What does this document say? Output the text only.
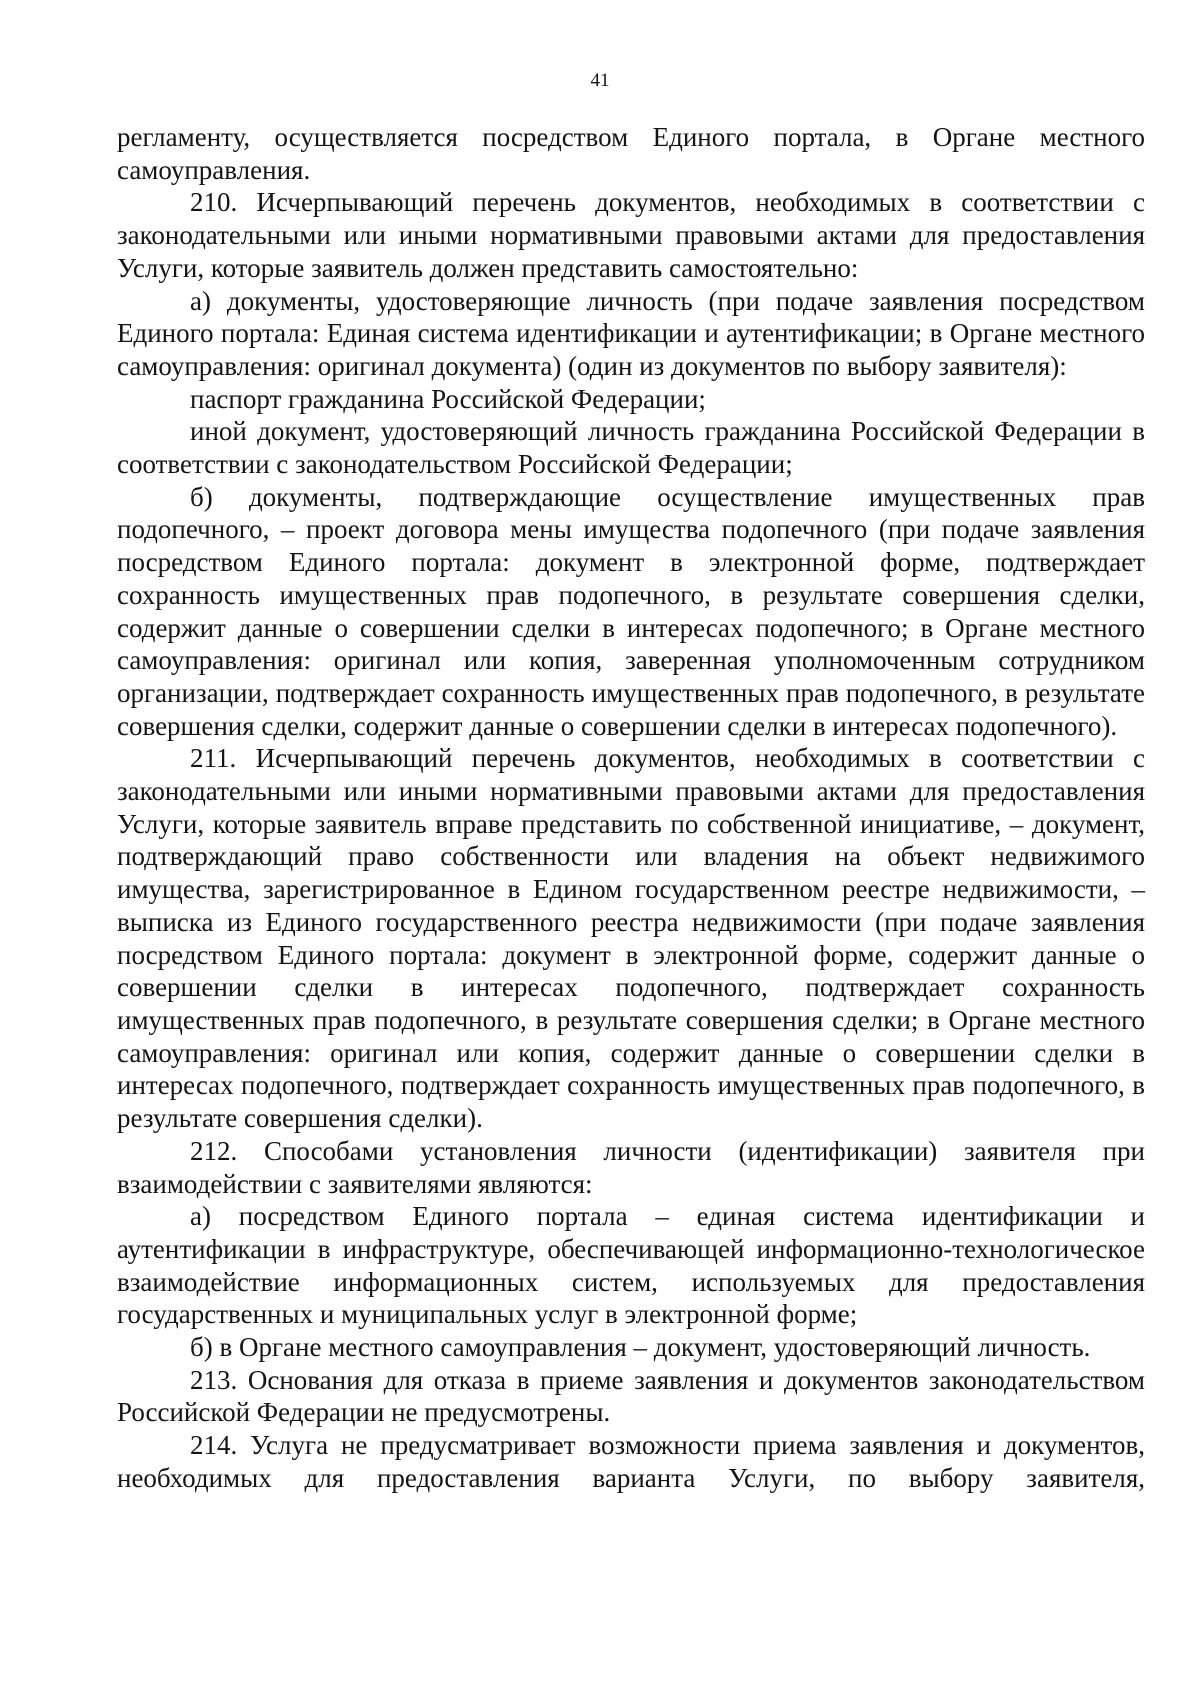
41

регламенту, осуществляется посредством Единого портала, в Органе местного самоуправления.

210. Исчерпывающий перечень документов, необходимых в соответствии с законодательными или иными нормативными правовыми актами для предоставления Услуги, которые заявитель должен представить самостоятельно:

а) документы, удостоверяющие личность (при подаче заявления посредством Единого портала: Единая система идентификации и аутентификации; в Органе местного самоуправления: оригинал документа) (один из документов по выбору заявителя):

паспорт гражданина Российской Федерации;

иной документ, удостоверяющий личность гражданина Российской Федерации в соответствии с законодательством Российской Федерации;

б) документы, подтверждающие осуществление имущественных прав подопечного, – проект договора мены имущества подопечного (при подаче заявления посредством Единого портала: документ в электронной форме, подтверждает сохранность имущественных прав подопечного, в результате совершения сделки, содержит данные о совершении сделки в интересах подопечного; в Органе местного самоуправления: оригинал или копия, заверенная уполномоченным сотрудником организации, подтверждает сохранность имущественных прав подопечного, в результате совершения сделки, содержит данные о совершении сделки в интересах подопечного).

211. Исчерпывающий перечень документов, необходимых в соответствии с законодательными или иными нормативными правовыми актами для предоставления Услуги, которые заявитель вправе представить по собственной инициативе, – документ, подтверждающий право собственности или владения на объект недвижимого имущества, зарегистрированное в Едином государственном реестре недвижимости, – выписка из Единого государственного реестра недвижимости (при подаче заявления посредством Единого портала: документ в электронной форме, содержит данные о совершении сделки в интересах подопечного, подтверждает сохранность имущественных прав подопечного, в результате совершения сделки; в Органе местного самоуправления: оригинал или копия, содержит данные о совершении сделки в интересах подопечного, подтверждает сохранность имущественных прав подопечного, в результате совершения сделки).

212. Способами установления личности (идентификации) заявителя при взаимодействии с заявителями являются:

а) посредством Единого портала – единая система идентификации и аутентификации в инфраструктуре, обеспечивающей информационно-технологическое взаимодействие информационных систем, используемых для предоставления государственных и муниципальных услуг в электронной форме;

б) в Органе местного самоуправления – документ, удостоверяющий личность.

213. Основания для отказа в приеме заявления и документов законодательством Российской Федерации не предусмотрены.

214. Услуга не предусматривает возможности приема заявления и документов, необходимых для предоставления варианта Услуги, по выбору заявителя,
